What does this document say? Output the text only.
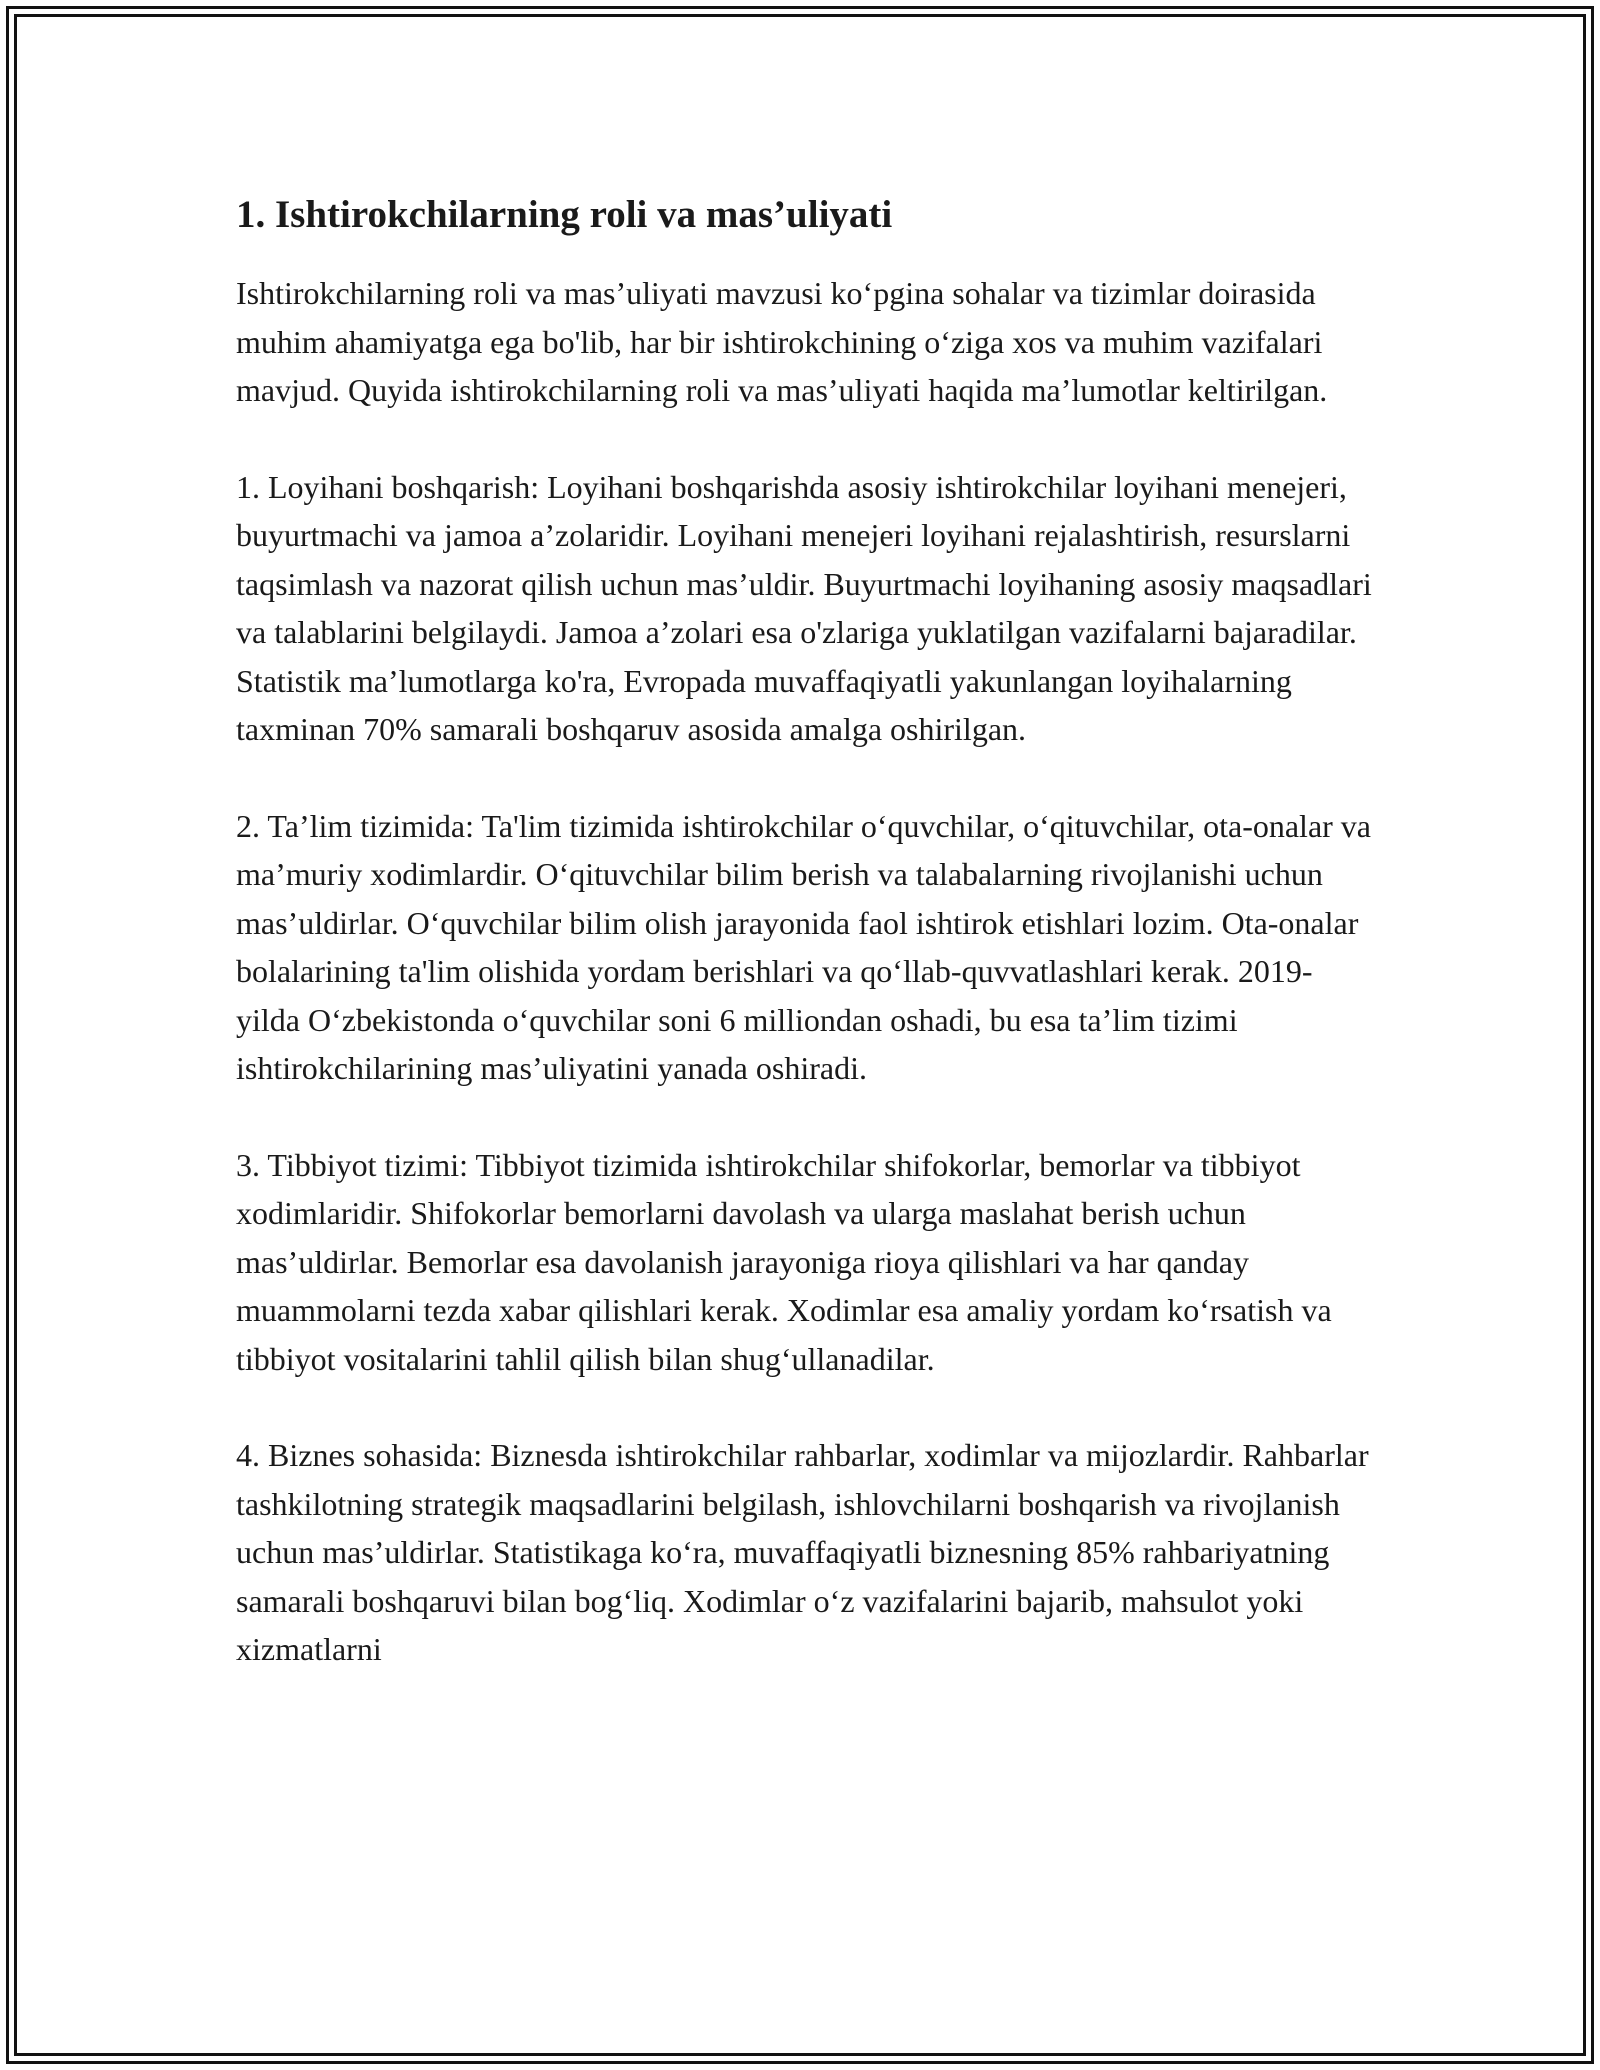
1. Ishtirokchilarning roli va mas’uliyati

Ishtirokchilarning roli va mas’uliyati mavzusi ko‘pgina sohalar va tizimlar doirasida muhim ahamiyatga ega bo'lib, har bir ishtirokchining o‘ziga xos va muhim vazifalari mavjud. Quyida ishtirokchilarning roli va mas’uliyati haqida ma’lumotlar keltirilgan.

1. Loyihani boshqarish: Loyihani boshqarishda asosiy ishtirokchilar loyihani menejeri, buyurtmachi va jamoa a’zolaridir. Loyihani menejeri loyihani rejalashtirish, resurslarni taqsimlash va nazorat qilish uchun mas’uldir. Buyurtmachi loyihaning asosiy maqsadlari va talablarini belgilaydi. Jamoa a’zolari esa o'zlariga yuklatilgan vazifalarni bajaradilar. Statistik ma’lumotlarga ko'ra, Evropada muvaffaqiyatli yakunlangan loyihalarning taxminan 70% samarali boshqaruv asosida amalga oshirilgan.

2. Ta’lim tizimida: Ta'lim tizimida ishtirokchilar o‘quvchilar, o‘qituvchilar, ota-onalar va ma’muriy xodimlardir. O‘qituvchilar bilim berish va talabalarning rivojlanishi uchun mas’uldirlar. O‘quvchilar bilim olish jarayonida faol ishtirok etishlari lozim. Ota-onalar bolalarining ta'lim olishida yordam berishlari va qo‘llab-quvvatlashlari kerak. 2019-yilda O‘zbekistonda o‘quvchilar soni 6 milliondan oshadi, bu esa ta’lim tizimi ishtirokchilarining mas’uliyatini yanada oshiradi.

3. Tibbiyot tizimi: Tibbiyot tizimida ishtirokchilar shifokorlar, bemorlar va tibbiyot xodimlaridir. Shifokorlar bemorlarni davolash va ularga maslahat berish uchun mas’uldirlar. Bemorlar esa davolanish jarayoniga rioya qilishlari va har qanday muammolarni tezda xabar qilishlari kerak. Xodimlar esa amaliy yordam ko‘rsatish va tibbiyot vositalarini tahlil qilish bilan shug‘ullanadilar.

4. Biznes sohasida: Biznesda ishtirokchilar rahbarlar, xodimlar va mijozlardir. Rahbarlar tashkilotning strategik maqsadlarini belgilash, ishlovchilarni boshqarish va rivojlanish uchun mas’uldirlar. Statistikaga ko‘ra, muvaffaqiyatli biznesning 85% rahbariyatning samarali boshqaruvi bilan bog‘liq. Xodimlar o‘z vazifalarini bajarib, mahsulot yoki xizmatlarni
